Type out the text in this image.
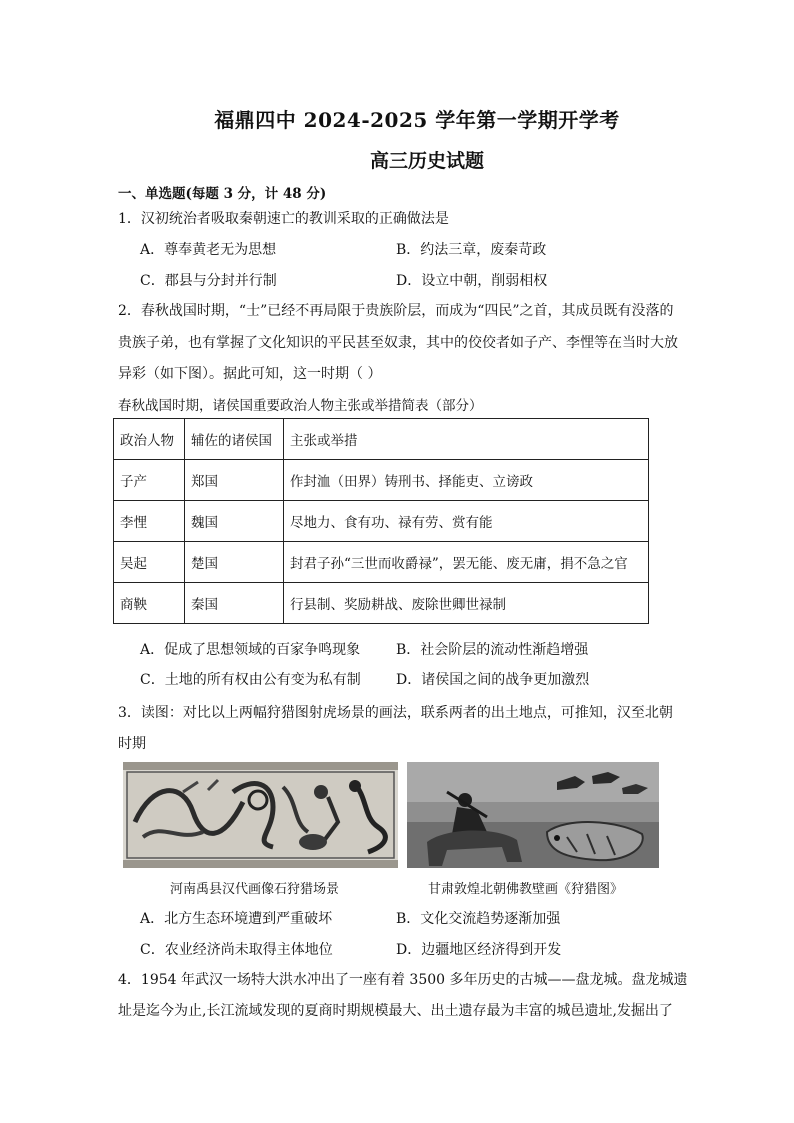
福鼎四中 2024-2025 学年第一学期开学考
高三历史试题
一、单选题(每题 3 分，计 48 分)
1．汉初统治者吸取秦朝速亡的教训采取的正确做法是
A．尊奉黄老无为思想	B．约法三章，废秦苛政
C．郡县与分封并行制	D．设立中朝，削弱相权
2．春秋战国时期，“士”已经不再局限于贵族阶层，而成为“四民”之首，其成员既有没落的
贵族子弟，也有掌握了文化知识的平民甚至奴隶，其中的佼佼者如子产、李悝等在当时大放
异彩（如下图）。据此可知，这一时期（ ）
春秋战国时期，诸侯国重要政治人物主张或举措简表（部分）
政治人物	辅佐的诸侯国	主张或举措
子产	郑国	作封洫（田界）铸刑书、择能吏、立谤政
李悝	魏国	尽地力、食有功、禄有劳、赏有能
吴起	楚国	封君子孙“三世而收爵禄”，罢无能、废无庸，捐不急之官
商鞅	秦国	行县制、奖励耕战、废除世卿世禄制
A．促成了思想领域的百家争鸣现象	B．社会阶层的流动性渐趋增强
C．土地的所有权由公有变为私有制	D．诸侯国之间的战争更加激烈
3．读图：对比以上两幅狩猎图射虎场景的画法，联系两者的出土地点，可推知，汉至北朝
时期
河南禹县汉代画像石狩猎场景	甘肃敦煌北朝佛教壁画《狩猎图》
A．北方生态环境遭到严重破坏	B．文化交流趋势逐渐加强
C．农业经济尚未取得主体地位	D．边疆地区经济得到开发
4．1954 年武汉一场特大洪水冲出了一座有着 3500 多年历史的古城——盘龙城。盘龙城遗
址是迄今为止,长江流域发现的夏商时期规模最大、出土遗存最为丰富的城邑遗址,发掘出了
